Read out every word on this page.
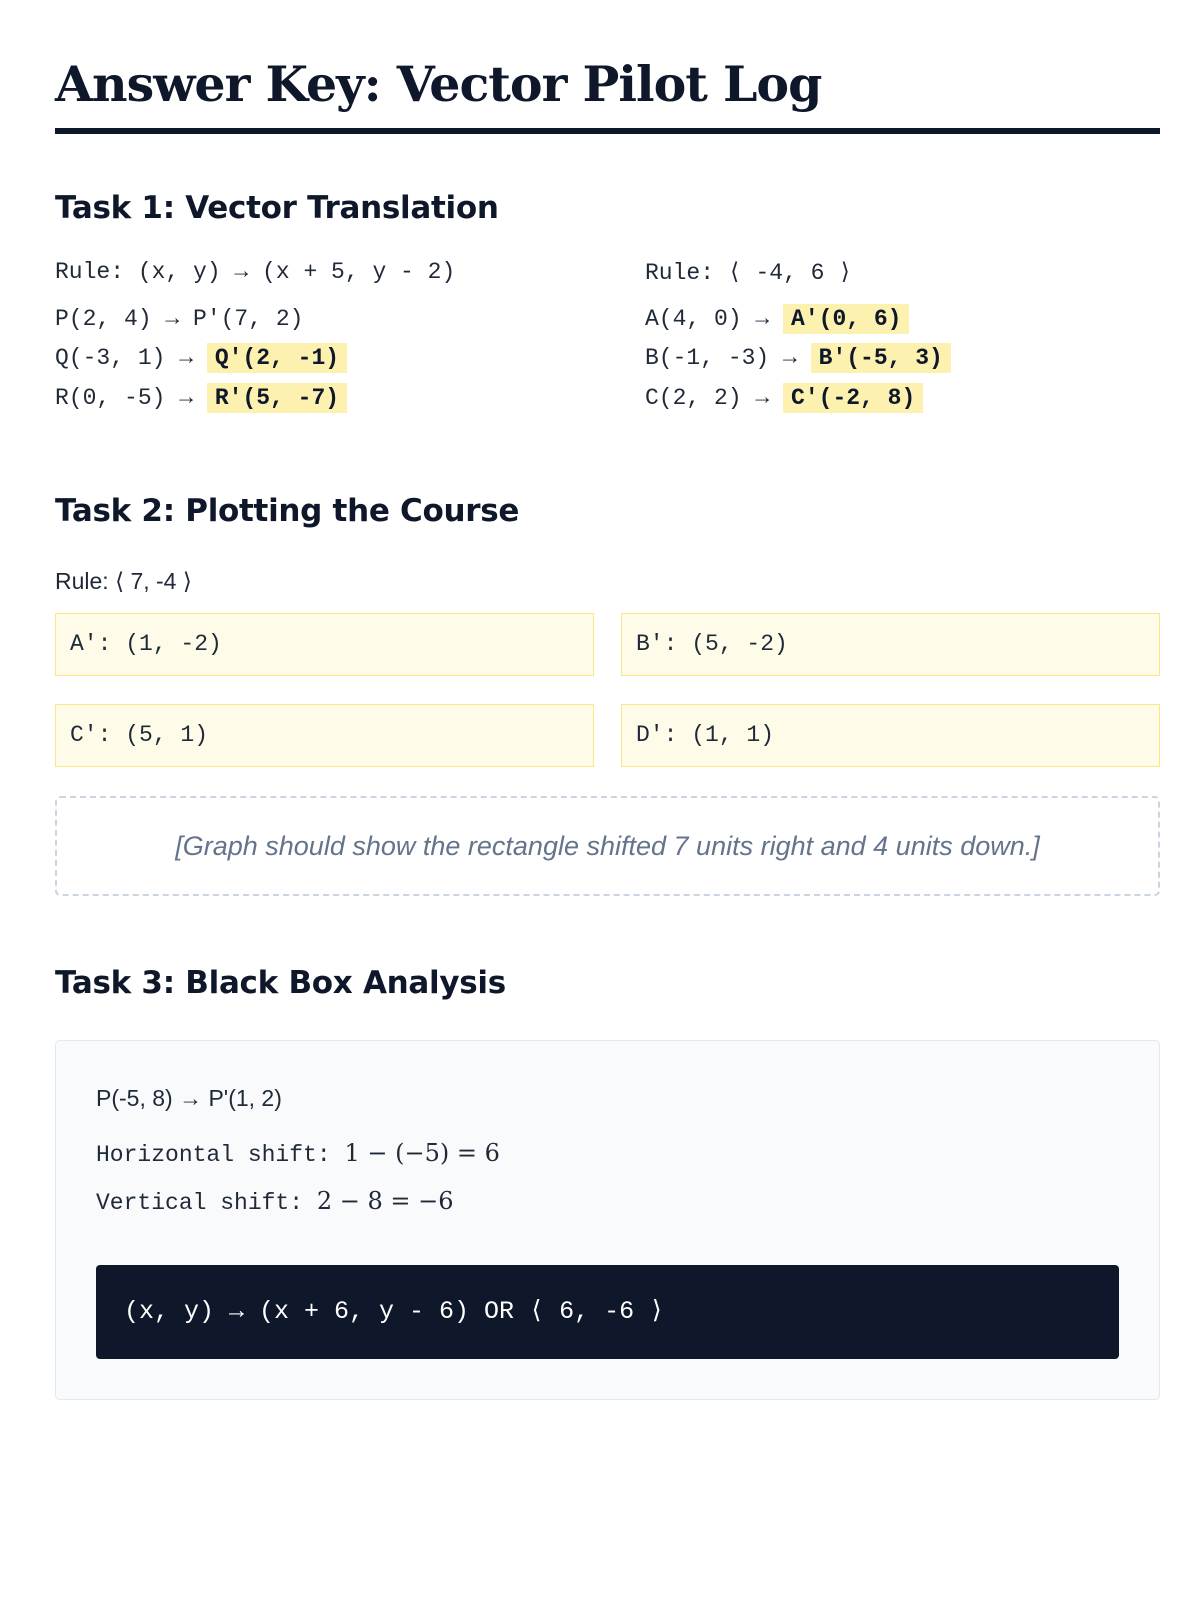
Answer Key: Vector Pilot Log
Task 1: Vector Translation
Rule: (x, y) → (x + 5, y - 2)
P(2, 4) → P'(7, 2)
Q(-3, 1) → Q'(2, -1)
R(0, -5) → R'(5, -7)
Rule: ⟨ -4, 6 ⟩
A(4, 0) → A'(0, 6)
B(-1, -3) → B'(-5, 3)
C(2, 2) → C'(-2, 8)
Task 2: Plotting the Course
Rule: ⟨ 7, -4 ⟩
A': (1, -2)	B': (5, -2)
C': (5, 1)	D': (1, 1)
[Graph should show the rectangle shifted 7 units right and 4 units down.]
Task 3: Black Box Analysis
P(-5, 8) → P'(1, 2)
Horizontal shift: 1 − (−5) = 6
Vertical shift: 2 − 8 = −6
(x, y) → (x + 6, y - 6) OR ⟨ 6, -6 ⟩
